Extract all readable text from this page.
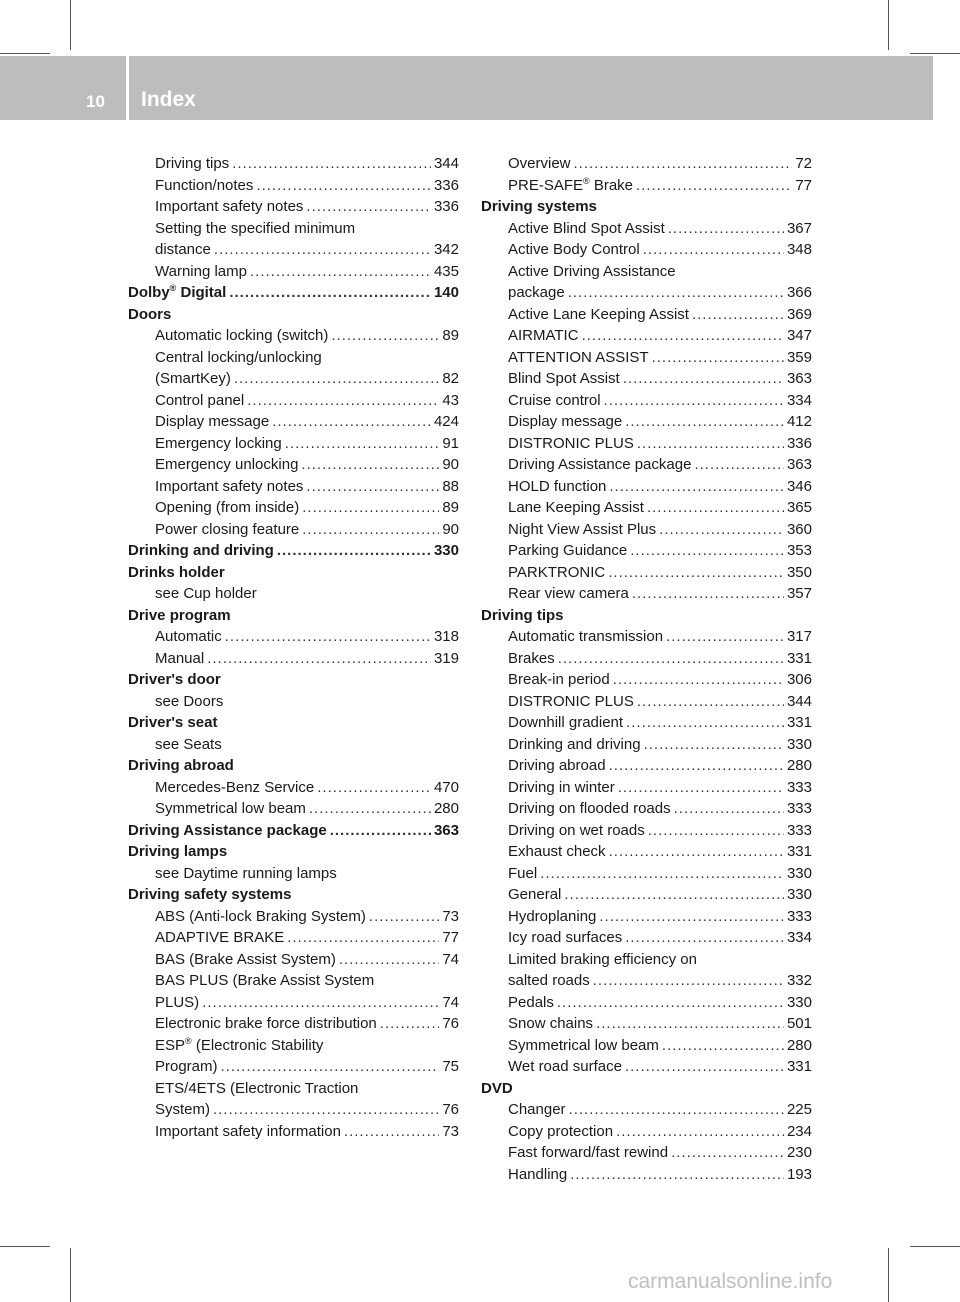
10 Index
Driving tips .....	344
Function/notes .....	336
Important safety notes .....	336
Setting the specified minimum
distance .....	342
Warning lamp .....	435
Dolby® Digital .....	140
Doors
Automatic locking (switch) .....	89
Central locking/unlocking
(SmartKey) .....	82
Control panel .....	43
Display message .....	424
Emergency locking .....	91
Emergency unlocking .....	90
Important safety notes .....	88
Opening (from inside) .....	89
Power closing feature .....	90
Drinking and driving .....	330
Drinks holder
see Cup holder
Drive program
Automatic .....	318
Manual .....	319
Driver's door
see Doors
Driver's seat
see Seats
Driving abroad
Mercedes-Benz Service .....	470
Symmetrical low beam .....	280
Driving Assistance package .....	363
Driving lamps
see Daytime running lamps
Driving safety systems
ABS (Anti-lock Braking System) .....	73
ADAPTIVE BRAKE .....	77
BAS (Brake Assist System) .....	74
BAS PLUS (Brake Assist System
PLUS) .....	74
Electronic brake force distribution .....	76
ESP® (Electronic Stability
Program) .....	75
ETS/4ETS (Electronic Traction
System) .....	76
Important safety information .....	73
Overview .....	72
PRE-SAFE® Brake .....	77
Driving systems
Active Blind Spot Assist .....	367
Active Body Control .....	348
Active Driving Assistance
package .....	366
Active Lane Keeping Assist .....	369
AIRMATIC .....	347
ATTENTION ASSIST .....	359
Blind Spot Assist .....	363
Cruise control .....	334
Display message .....	412
DISTRONIC PLUS .....	336
Driving Assistance package .....	363
HOLD function .....	346
Lane Keeping Assist .....	365
Night View Assist Plus .....	360
Parking Guidance .....	353
PARKTRONIC .....	350
Rear view camera .....	357
Driving tips
Automatic transmission .....	317
Brakes .....	331
Break-in period .....	306
DISTRONIC PLUS .....	344
Downhill gradient .....	331
Drinking and driving .....	330
Driving abroad .....	280
Driving in winter .....	333
Driving on flooded roads .....	333
Driving on wet roads .....	333
Exhaust check .....	331
Fuel .....	330
General .....	330
Hydroplaning .....	333
Icy road surfaces .....	334
Limited braking efficiency on
salted roads .....	332
Pedals .....	330
Snow chains .....	501
Symmetrical low beam .....	280
Wet road surface .....	331
DVD
Changer .....	225
Copy protection .....	234
Fast forward/fast rewind .....	230
Handling .....	193
carmanualsonline.info
